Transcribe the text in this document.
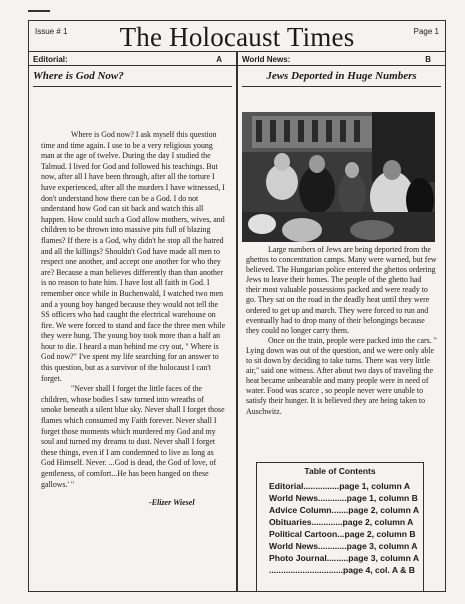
Issue # 1	The Holocaust Times	Page 1
Editorial:	A
Where is God Now?

Where is God now? I ask myself this question time and time again. I use to be a very religious young man at the age of twelve. During the day I studied the Talmud. I lived for God and followed his teachings. But now, after all I have been through, after all the torture I have experienced, after all the murders I have witnessed, I don't understand how there can be a God. I do not understand how God can sit back and watch this all happen. How could such a God allow mothers, wives, and children to be thrown into massive pits full of blazing flames? If there is a God, why didn't he stop all the hatred and all the killings? Shouldn't God have made all men to respect one another, and accept one another for who they are? Because a man believes differently than than another is no reason to hate him. I have lost all faith in God. I remember once while in Buchenwald, I watched two men and a young boy hanged because they would not tell the SS officers who had caught the electrical warehouse on fire. We were forced to stand and face the three men while they were hung. The young boy took more than a half an hour to die. I heard a man behind me cry out, " Where is God now?" I've spent my life searching for an answer to this question, but as a survivor of the holocaust I can't forget.

"Never shall I forget the little faces of the children, whose bodies I saw turned into wreaths of smoke beneath a silent blue sky. Never shall I forget those flames which consumed my Faith forever. Never shall I forget those moments which murdered my God and my soul and turned my dreams to dust. Never shall I forget these things, even if I am condemned to live as long as God Himself. Never. ...God is dead, the God of love, of gentleness, of comfort...He has been hanged on these gallows.' "

-Elizer Wiesel
World News:	B
Jews Deported in Huge Numbers

Large numbers of Jews are being deported from the ghettos to concentration camps. Many were warned, but few believed. The Hungarian police entered the ghettos ordering Jews to leave their homes. The people of the ghetto had their most valuable possessions packed and were ready to go. They sat on the road in the deadly heat until they were ordered to get up and march. They were forced to run and eventually had to drop many of their belongings because they could no longer carry them.

Once on the train, people were packed into the cars. " Lying down was out of the question, and we were only able to sit down by deciding to take turns. There was very little air," said one witness. After about two days of traveling the heat became unbearable and many people were in need of water. Food was scarce , so people never were unable to satisfy their hunger. It is believed they are being taken to Auschwitz.

Table of Contents
Editorial...............page 1, column A
World News............page 1, column B
Advice Column.......page 2, column A
Obituaries.............page 2, column A
Political Cartoon...page 2, column B
World News............page 3, column A
Photo Journal.........page 3, column A
...............................page 4, col. A & B
